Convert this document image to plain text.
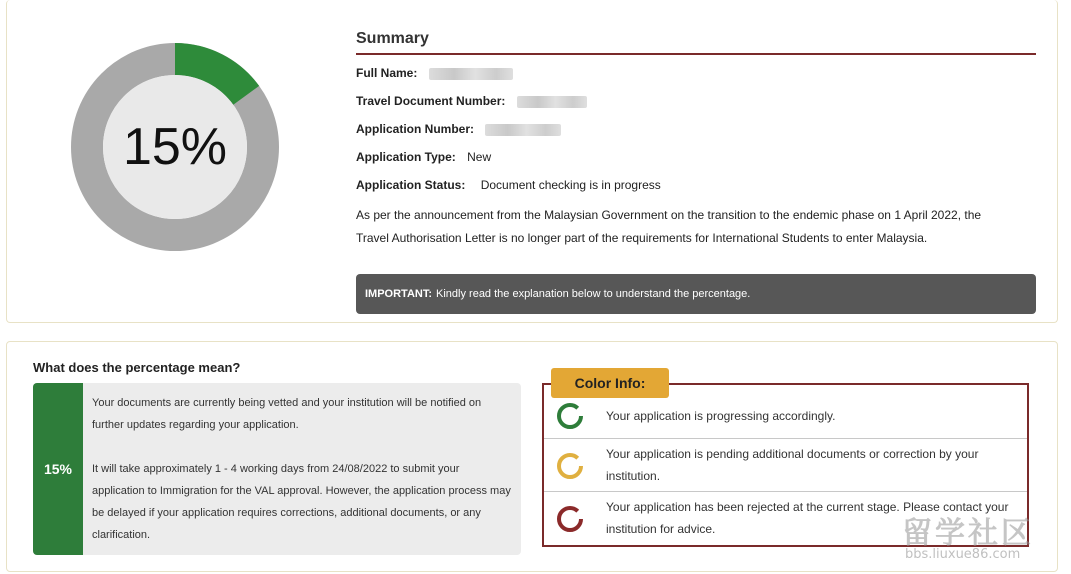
15%
Summary
Full Name:
Travel Document Number:
Application Number:
Application Type: New
Application Status: Document checking is in progress
As per the announcement from the Malaysian Government on the transition to the endemic phase on 1 April 2022, the Travel Authorisation Letter is no longer part of the requirements for International Students to enter Malaysia.
IMPORTANT: Kindly read the explanation below to understand the percentage.
What does the percentage mean?
15%
Your documents are currently being vetted and your institution will be notified on further updates regarding your application.
It will take approximately 1 - 4 working days from 24/08/2022 to submit your application to Immigration for the VAL approval. However, the application process may be delayed if your application requires corrections, additional documents, or any clarification.
Color Info:
Your application is progressing accordingly.
Your application is pending additional documents or correction by your institution.
Your application has been rejected at the current stage. Please contact your institution for advice.	留学社区
bbs.liuxue86.com
